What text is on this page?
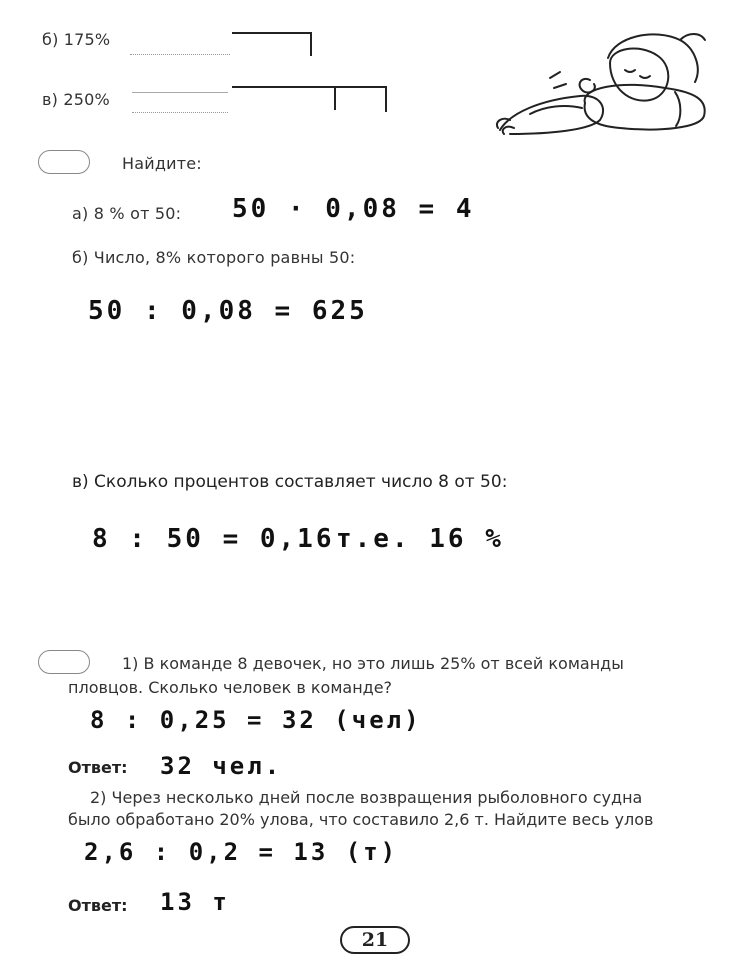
б) 175%
в) 250%
Найдите:
а) 8 % от 50: 50 · 0,08 = 4
б) Число, 8% которого равны 50:
50 : 0,08 = 625
в) Сколько процентов составляет число 8 от 50:
8 : 50 = 0,16 т.е. 16 %
1) В команде 8 девочек, но это лишь 25% от всей команды
пловцов. Сколько человек в команде?
8 : 0,25 = 32 (чел)
Ответ: 32 чел.
2) Через несколько дней после возвращения рыболовного судна
было обработано 20% улова, что составило 2,6 т. Найдите весь улов
2,6 : 0,2 = 13 (т)
Ответ: 13 т
21
